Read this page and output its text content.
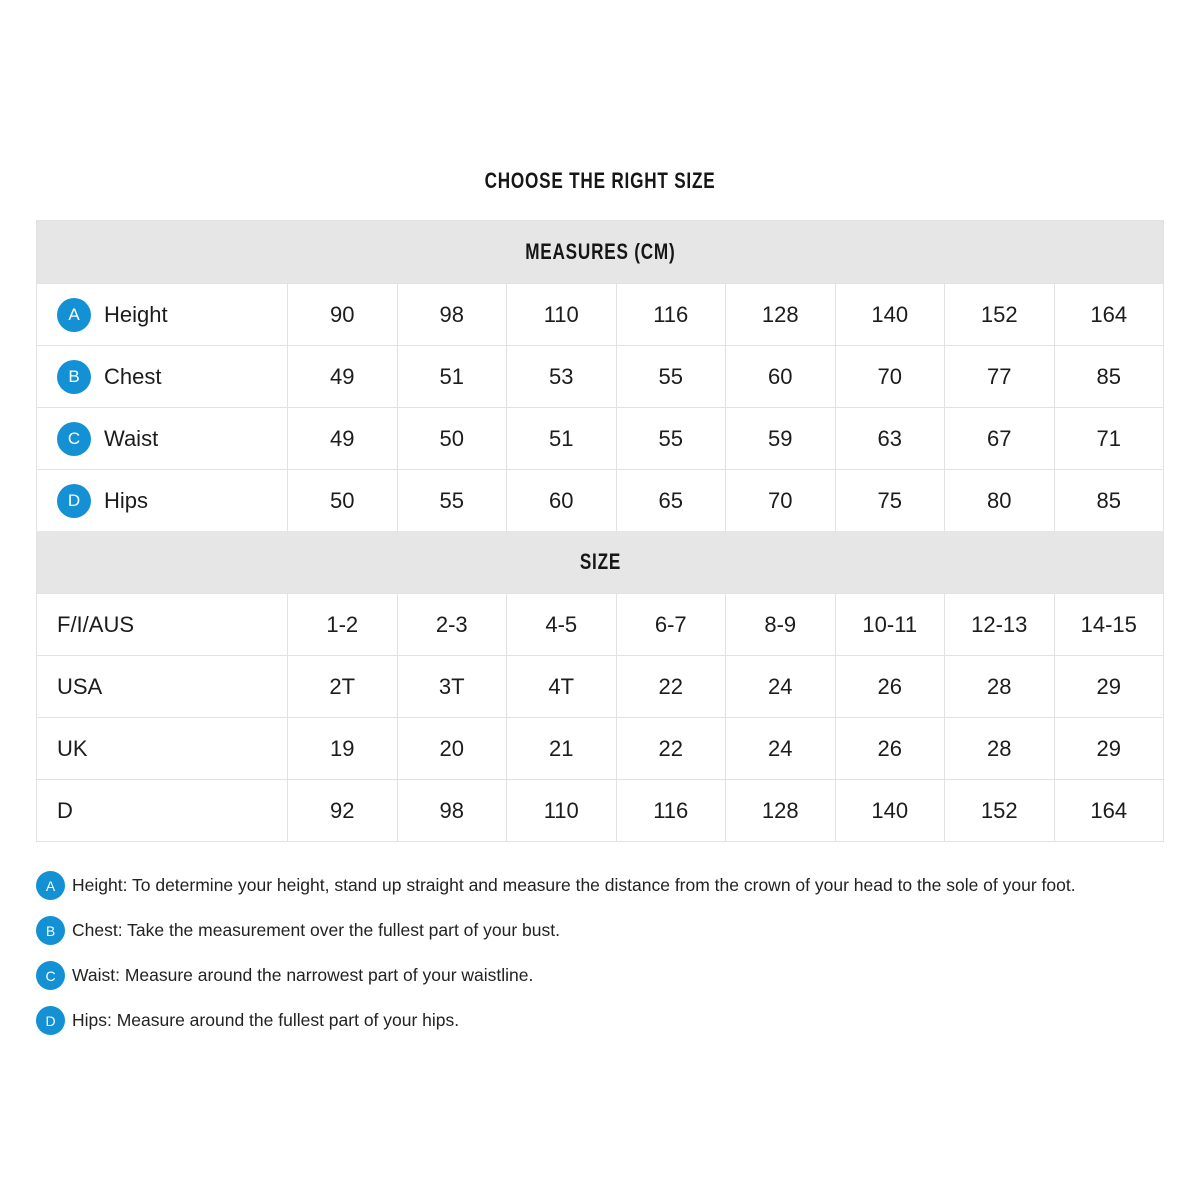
CHOOSE THE RIGHT SIZE
MEASURES (CM)
A	Height	90	98	110	116	128	140	152	164
B	Chest	49	51	53	55	60	70	77	85
C	Waist	49	50	51	55	59	63	67	71
D	Hips	50	55	60	65	70	75	80	85
SIZE
F/I/AUS	1-2	2-3	4-5	6-7	8-9	10-11	12-13	14-15
USA	2T	3T	4T	22	24	26	28	29
UK	19	20	21	22	24	26	28	29
D	92	98	110	116	128	140	152	164
A Height: To determine your height, stand up straight and measure the distance from the crown of your head to the sole of your foot.
B Chest: Take the measurement over the fullest part of your bust.
C Waist: Measure around the narrowest part of your waistline.
D Hips: Measure around the fullest part of your hips.
